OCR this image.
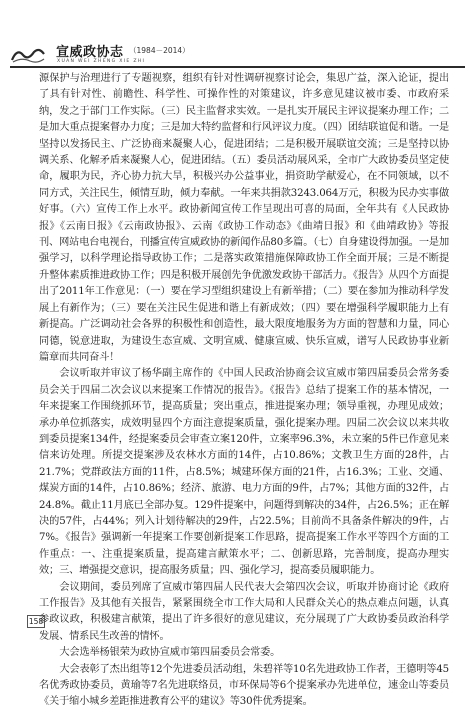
宣威政协志 （1984－2014）
XUAN WEI ZHENG XIE ZHI

源保护与治理进行了专题视察，组织有针对性调研视察讨论会，集思广益，深入论证，提出了具有针对性、前瞻性、科学性、可操作性的对策建议，许多意见建议被市委、市政府采纳，发之于部门工作实际。（三）民主监督求实效。一是扎实开展民主评议提案办理工作；二是加大重点提案督办力度；三是加大特约监督和行风评议力度。（四）团结联谊促和谐。一是坚持以发扬民主、广泛协商来凝聚人心，促进团结；二是积极开展联谊交流；三是坚持以协调关系、化解矛盾来凝聚人心，促进团结。（五）委员活动展风采，全市广大政协委员坚定使命，履职为民，齐心协力抗大旱，积极兴办公益事业，捐资助学献爱心，在不同领域，以不同方式，关注民生，倾情互助，倾力奉献。一年来共捐款3243.064万元，积极为民办实事做好事。（六）宣传工作上水平。政协新闻宣传工作呈现出可喜的局面，全年共有《人民政协报》《云南日报》《云南政协报》、云南《政协工作动态》《曲靖日报》和《曲靖政协》等报刊、网站电台电视台，刊播宣传宣威政协的新闻作品80多篇。（七）自身建设得加强。一是加强学习，以科学理论指导政协工作；二是落实政策措施保障政协工作全面开展；三是不断提升整体素质推进政协工作；四是积极开展创先争优激发政协干部活力。《报告》从四个方面提出了2011年工作意见：（一）要在学习型组织建设上有新举措；（二）要在参加为推动科学发展上有新作为；（三）要在关注民生促进和谐上有新成效；（四）要在增强科学履职能力上有新提高。广泛调动社会各界的积极性和创造性，最大限度地服务为方面的智慧和力量，同心同德，锐意进取，为建设生态宣威、文明宣威、健康宣威、快乐宣威，谱写人民政协事业新篇章而共同奋斗！

会议听取并审议了杨华副主席作的《中国人民政治协商会议宣威市第四届委员会常务委员会关于四届二次会议以来提案工作情况的报告》。《报告》总结了提案工作的基本情况，一年来提案工作围绕抓环节，提高质量；突出重点，推进提案办理；领导重视，办理见成效；承办单位抓落实，成效明显四个方面注意提案质量，强化提案办理。四届二次会议以来共收到委员提案134件，经提案委员会审查立案120件，立案率96.3%，未立案的5件已作意见来信来访处理。所提交提案涉及农林水方面的14件，占10.86%；文教卫生方面的28件，占21.7%；党群政法方面的11件，占8.5%；城建环保方面的21件，占16.3%；工业、交通、煤炭方面的14件，占10.86%；经济、旅游、电力方面的9件，占7%；其他方面的32件，占24.8%。截止11月底已全部办复。129件提案中，问题得到解决的34件，占26.5%；正在解决的57件，占44%；列入计划待解决的29件，占22.5%；目前尚不具备条件解决的9件，占7%。《报告》强调新一年提案工作要创新提案工作思路，提高提案工作水平等四个方面的工作重点：一、注重提案质量，提高建言献策水平；二、创新思路，完善制度，提高办理实效；三、增强提交意识，提高服务质量；四、强化学习，提高委员履职能力。

会议期间，委员列席了宣威市第四届人民代表大会第四次会议，听取并协商讨论《政府工作报告》及其他有关报告，紧紧围绕全市工作大局和人民群众关心的热点难点问题，认真参政议政，积极建言献策，提出了许多很好的意见建议，充分展现了广大政协委员政治科学发展、情系民生改善的情怀。

大会选举杨银荣为政协宣威市第四届委员会常委。

大会表彰了杰出组等12个先进委员活动组，朱碧祥等10名先进政协工作者，王德明等45名优秀政协委员，黄瑜等7名先进联络员，市环保局等6个提案承办先进单位，速金山等委员《关于缩小城乡差距推进教育公平的建议》等30件优秀提案。

158
